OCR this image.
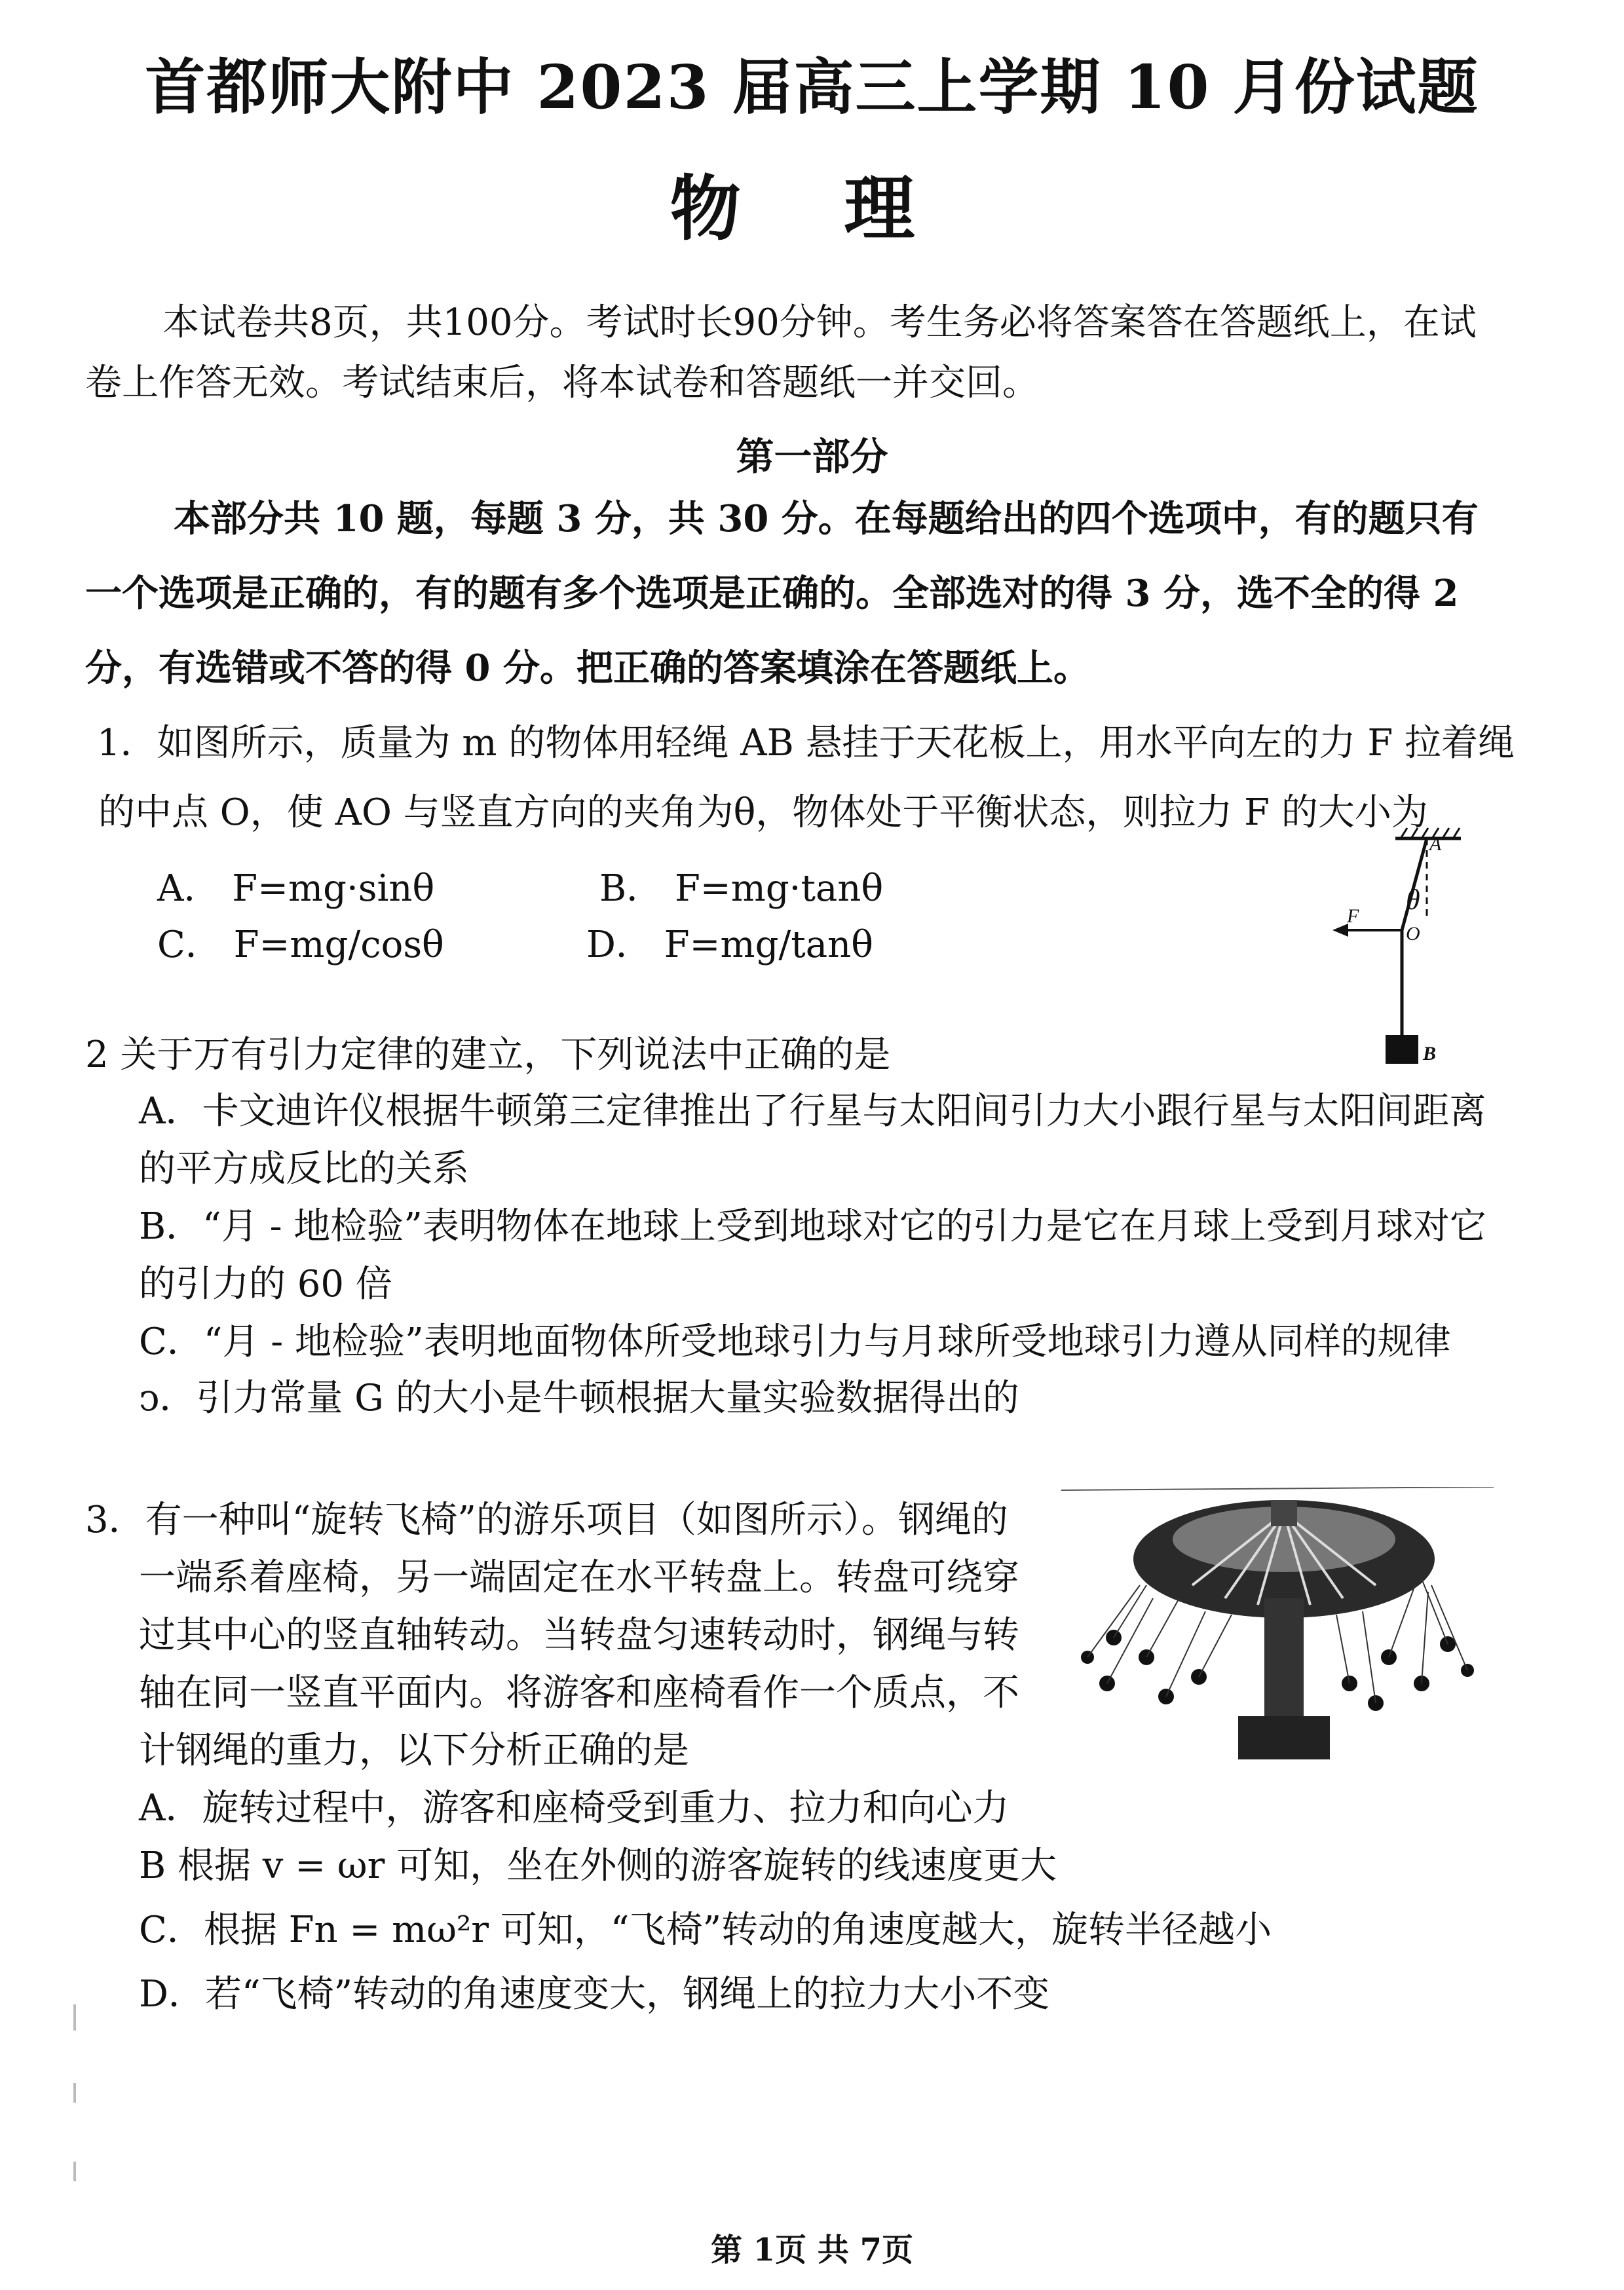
首都师大附中 2023 届高三上学期 10 月份试题

物 理

本试卷共8页，共100分。考试时长90分钟。考生务必将答案答在答题纸上，在试

卷上作答无效。考试结束后，将本试卷和答题纸一并交回。

第一部分

本部分共 10 题，每题 3 分，共 30 分。在每题给出的四个选项中，有的题只有

一个选项是正确的，有的题有多个选项是正确的。全部选对的得 3 分，选不全的得 2

分，有选错或不答的得 0 分。把正确的答案填涂在答题纸上。

1．如图所示，质量为 m 的物体用轻绳 AB 悬挂于天花板上，用水平向左的力 F 拉着绳

的中点 O，使 AO 与竖直方向的夹角为θ，物体处于平衡状态，则拉力 F 的大小为

A． F=mg·sinθ	B． F=mg·tanθ

C． F=mg/cosθ	D． F=mg/tanθ

A
θ
F
O
B

2 关于万有引力定律的建立，下列说法中正确的是

A．卡文迪许仪根据牛顿第三定律推出了行星与太阳间引力大小跟行星与太阳间距离

的平方成反比的关系

B．“月 - 地检验”表明物体在地球上受到地球对它的引力是它在月球上受到月球对它

的引力的 60 倍

C．“月 - 地检验”表明地面物体所受地球引力与月球所受地球引力遵从同样的规律

ↄ．引力常量 G 的大小是牛顿根据大量实验数据得出的

3．有一种叫“旋转飞椅”的游乐项目（如图所示）。钢绳的

一端系着座椅，另一端固定在水平转盘上。转盘可绕穿

过其中心的竖直轴转动。当转盘匀速转动时，钢绳与转

轴在同一竖直平面内。将游客和座椅看作一个质点，不

计钢绳的重力，以下分析正确的是

A．旋转过程中，游客和座椅受到重力、拉力和向心力

B 根据 v = ωr 可知，坐在外侧的游客旋转的线速度更大

C．根据 Fn = mω²r 可知，“飞椅”转动的角速度越大，旋转半径越小

D．若“飞椅”转动的角速度变大，钢绳上的拉力大小不变

第 1页 共 7页
